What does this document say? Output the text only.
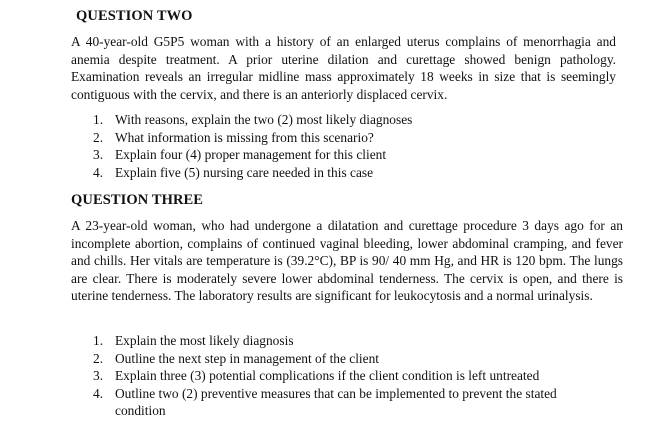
QUESTION TWO
A 40-year-old G5P5 woman with a history of an enlarged uterus complains of menorrhagia and anemia despite treatment. A prior uterine dilation and curettage showed benign pathology. Examination reveals an irregular midline mass approximately 18 weeks in size that is seemingly contiguous with the cervix, and there is an anteriorly displaced cervix.
1. With reasons, explain the two (2) most likely diagnoses
2. What information is missing from this scenario?
3. Explain four (4) proper management for this client
4. Explain five (5) nursing care needed in this case
QUESTION THREE
A 23-year-old woman, who had undergone a dilatation and curettage procedure 3 days ago for an incomplete abortion, complains of continued vaginal bleeding, lower abdominal cramping, and fever and chills. Her vitals are temperature is (39.2°C), BP is 90/ 40 mm Hg, and HR is 120 bpm. The lungs are clear. There is moderately severe lower abdominal tenderness. The cervix is open, and there is uterine tenderness. The laboratory results are significant for leukocytosis and a normal urinalysis.
1. Explain the most likely diagnosis
2. Outline the next step in management of the client
3. Explain three (3) potential complications if the client condition is left untreated
4. Outline two (2) preventive measures that can be implemented to prevent the stated condition
